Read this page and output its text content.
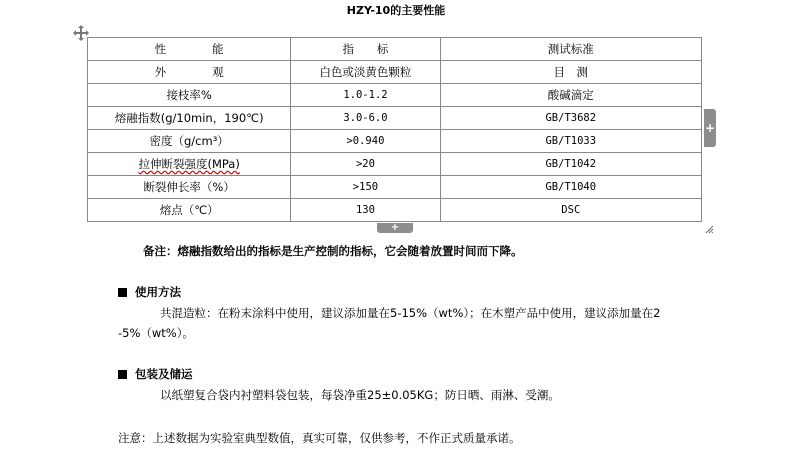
HZY-10的主要性能
性　　　　能	指　　标	测试标准
外　　　　观	白色或淡黄色颗粒	目　测
接枝率%	1.0-1.2	酸碱滴定
熔融指数(g/10min，190℃)	3.0-6.0	GB/T3682
密度（g/cm³）	>0.940	GB/T1033
拉伸断裂强度(MPa)	>20	GB/T1042
断裂伸长率（%）	>150	GB/T1040
熔点（℃）	130	DSC
+
+
备注：熔融指数给出的指标是生产控制的指标，它会随着放置时间而下降。
使用方法
共混造粒：在粉末涂料中使用，建议添加量在5-15%（wt%）；在木塑产品中使用，建议添加量在2
-5%（wt%）。
包装及储运
以纸塑复合袋内衬塑料袋包装，每袋净重25±0.05KG；防日晒、雨淋、受潮。
注意：上述数据为实验室典型数值，真实可靠，仅供参考，不作正式质量承诺。
